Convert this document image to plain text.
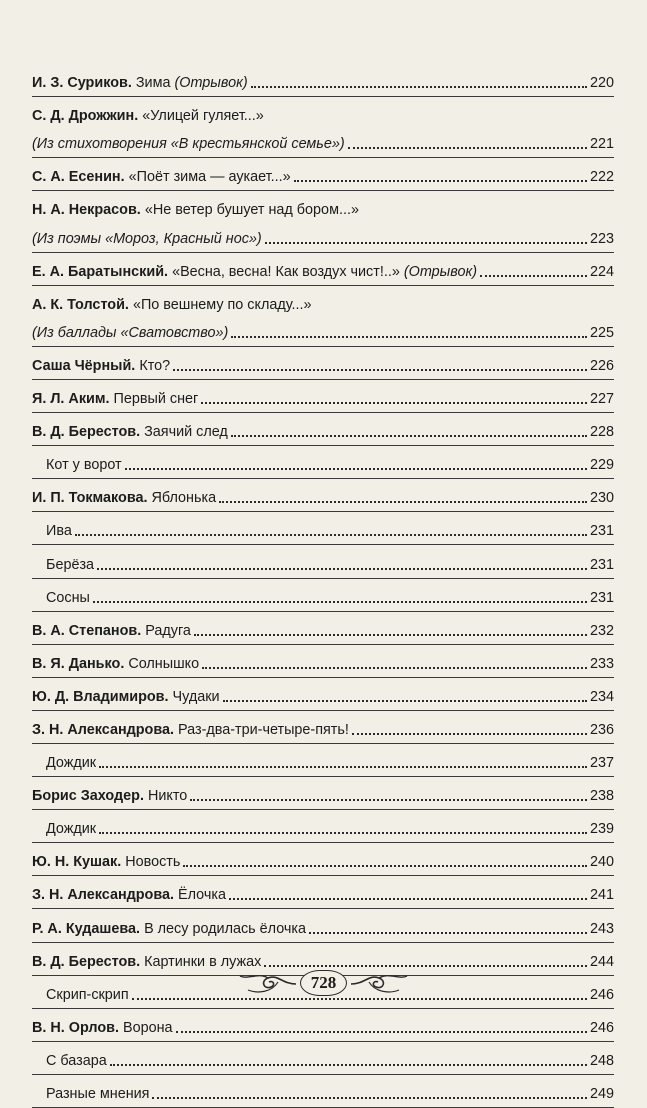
И. З. Суриков. Зима (Отрывок)	220
С. Д. Дрожжин. «Улицей гуляет...»
(Из стихотворения «В крестьянской семье»)	221
С. А. Есенин. «Поёт зима — аукает...»	222
Н. А. Некрасов. «Не ветер бушует над бором...»
(Из поэмы «Мороз, Красный нос»)	223
Е. А. Баратынский. «Весна, весна! Как воздух чист!..» (Отрывок)	224
А. К. Толстой. «По вешнему по складу...»
(Из баллады «Сватовство»)	225
Саша Чёрный. Кто?	226
Я. Л. Аким. Первый снег	227
В. Д. Берестов. Заячий след	228
Кот у ворот	229
И. П. Токмакова. Яблонька	230
Ива	231
Берёза	231
Сосны	231
В. А. Степанов. Радуга	232
В. Я. Данько. Солнышко	233
Ю. Д. Владимиров. Чудаки	234
З. Н. Александрова. Раз-два-три-четыре-пять!	236
Дождик	237
Борис Заходер. Никто	238
Дождик	239
Ю. Н. Кушак. Новость	240
З. Н. Александрова. Ёлочка	241
Р. А. Кудашева. В лесу родилась ёлочка	243
В. Д. Берестов. Картинки в лужах	244
Скрип-скрип	246
В. Н. Орлов. Ворона	246
С базара	248
Разные мнения	249
728
